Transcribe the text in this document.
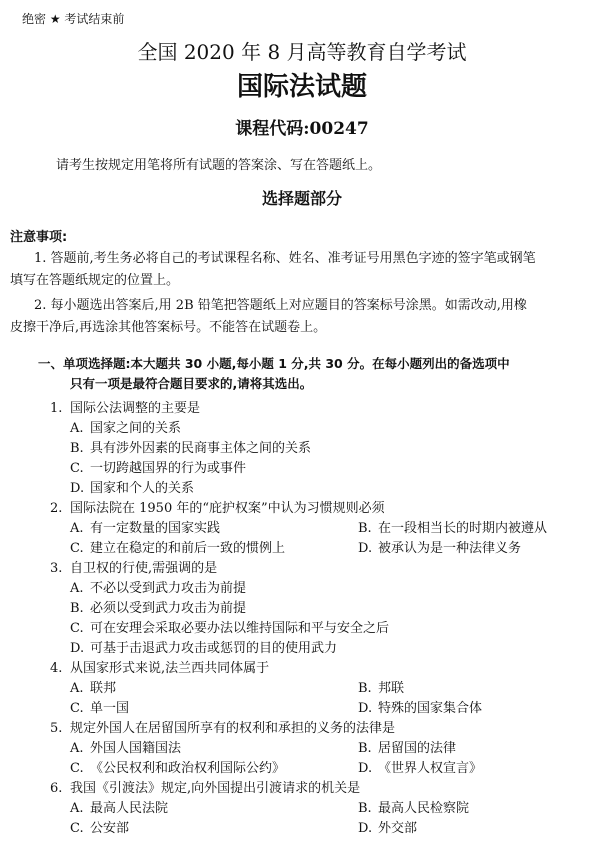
绝密 ★ 考试结束前
全国 2020 年 8 月高等教育自学考试
国际法试题
课程代码:00247
请考生按规定用笔将所有试题的答案涂、写在答题纸上。
选择题部分
注意事项:
1. 答题前,考生务必将自己的考试课程名称、姓名、准考证号用黑色字迹的签字笔或钢笔
填写在答题纸规定的位置上。
2. 每小题选出答案后,用 2B 铅笔把答题纸上对应题目的答案标号涂黑。如需改动,用橡
皮擦干净后,再选涂其他答案标号。不能答在试题卷上。
一、单项选择题:本大题共 30 小题,每小题 1 分,共 30 分。在每小题列出的备选项中
只有一项是最符合题目要求的,请将其选出。
1. 国际公法调整的主要是
A. 国家之间的关系
B. 具有涉外因素的民商事主体之间的关系
C. 一切跨越国界的行为或事件
D. 国家和个人的关系
2. 国际法院在 1950 年的“庇护权案”中认为习惯规则必须
A. 有一定数量的国家实践	B. 在一段相当长的时期内被遵从
C. 建立在稳定的和前后一致的惯例上	D. 被承认为是一种法律义务
3. 自卫权的行使,需强调的是
A. 不必以受到武力攻击为前提
B. 必须以受到武力攻击为前提
C. 可在安理会采取必要办法以维持国际和平与安全之后
D. 可基于击退武力攻击或惩罚的目的使用武力
4. 从国家形式来说,法兰西共同体属于
A. 联邦	B. 邦联
C. 单一国	D. 特殊的国家集合体
5. 规定外国人在居留国所享有的权利和承担的义务的法律是
A. 外国人国籍国法	B. 居留国的法律
C. 《公民权利和政治权利国际公约》	D. 《世界人权宣言》
6. 我国《引渡法》规定,向外国提出引渡请求的机关是
A. 最高人民法院	B. 最高人民检察院
C. 公安部	D. 外交部
